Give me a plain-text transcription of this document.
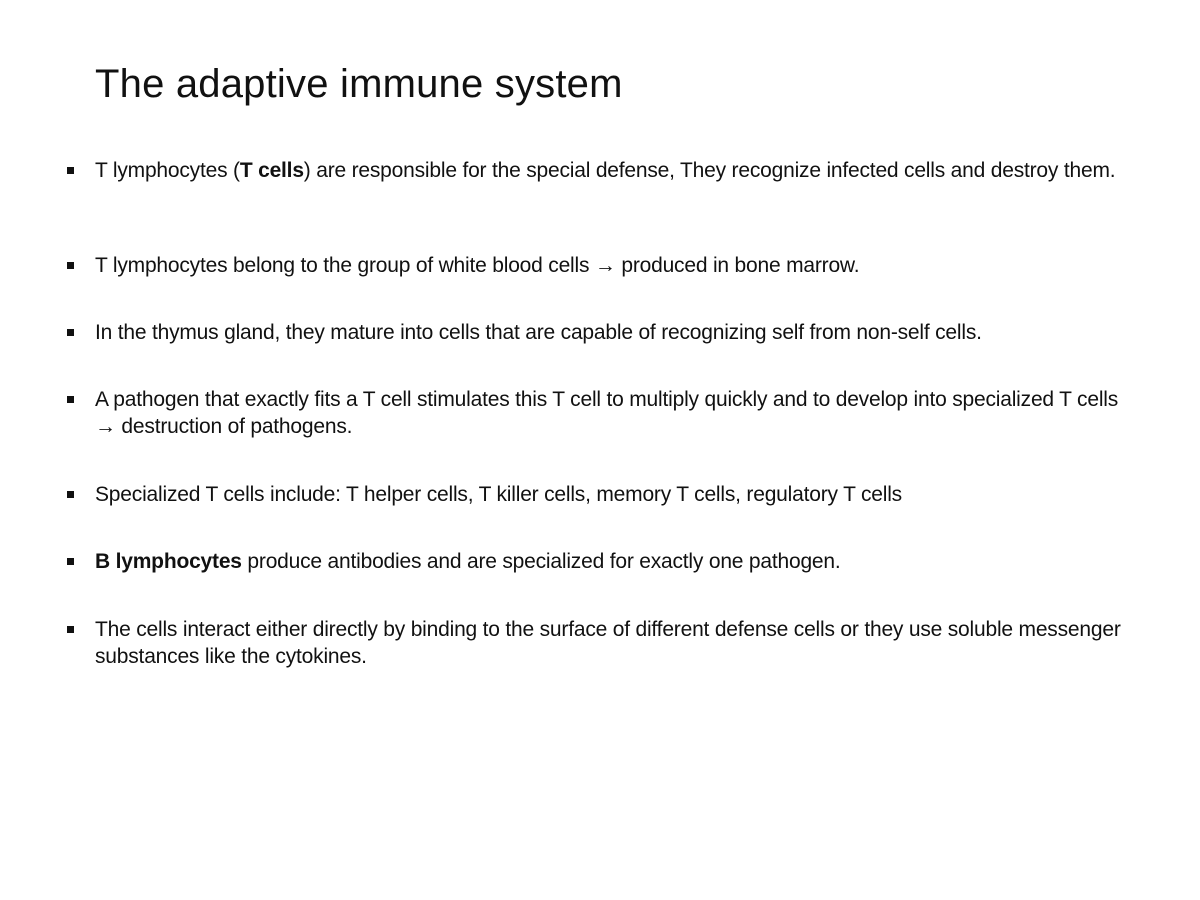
The adaptive immune system
T lymphocytes (T cells) are responsible for the special defense, They recognize infected cells and destroy them.
T lymphocytes belong to the group of white blood cells → produced in bone marrow.
In the thymus gland, they mature into cells that are capable of recognizing self from non-self cells.
A pathogen that exactly fits a T cell stimulates this T cell to multiply quickly and to develop into specialized T cells → destruction of pathogens.
Specialized T cells include: T helper cells, T killer cells, memory T cells, regulatory T cells
B lymphocytes produce antibodies and are specialized for exactly one pathogen.
The cells interact either directly by binding to the surface of different defense cells or they use soluble messenger substances like the cytokines.
